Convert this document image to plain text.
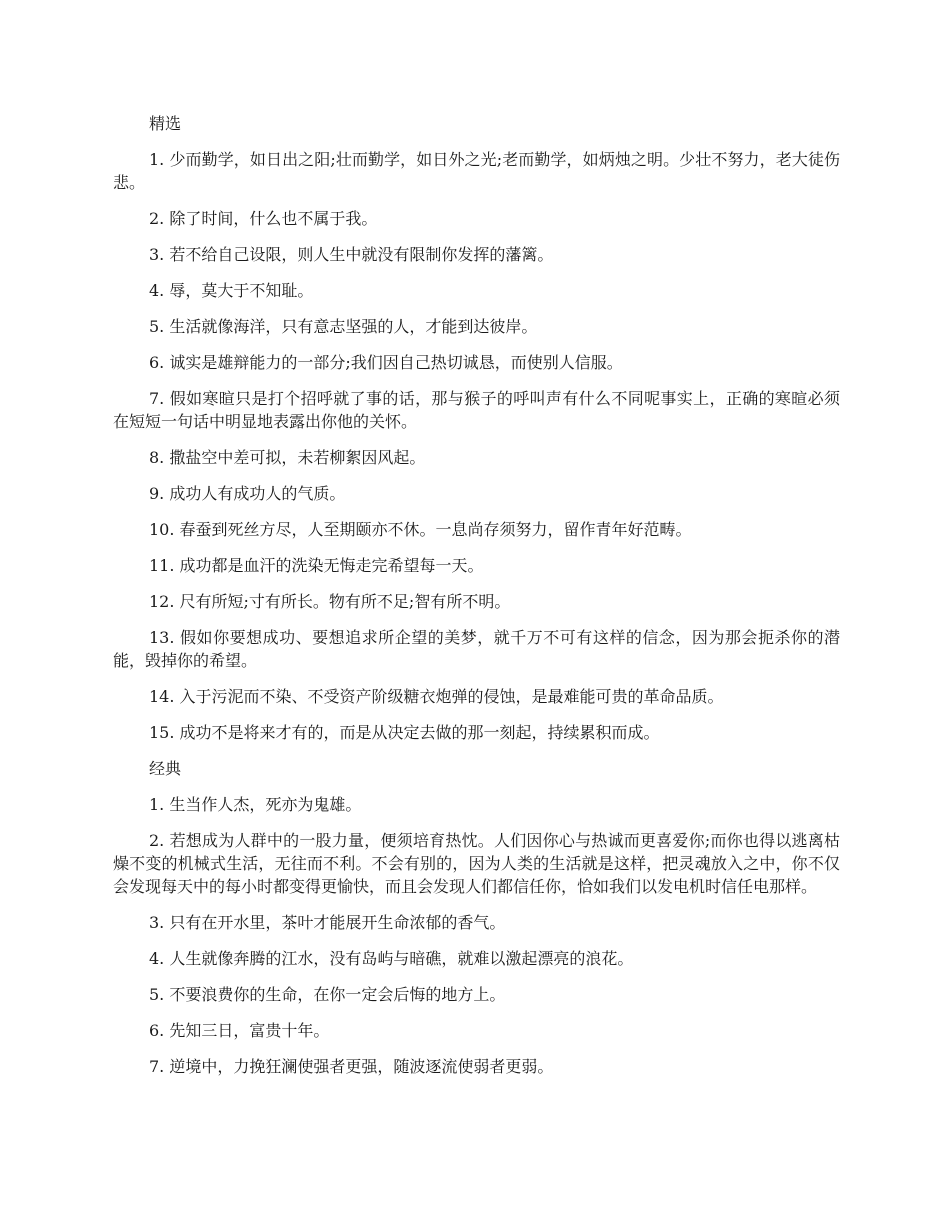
精选

1. 少而勤学，如日出之阳;壮而勤学，如日外之光;老而勤学，如炳烛之明。少壮不努力，老大徒伤悲。

2. 除了时间，什么也不属于我。

3. 若不给自己设限，则人生中就没有限制你发挥的藩篱。

4. 辱，莫大于不知耻。

5. 生活就像海洋，只有意志坚强的人，才能到达彼岸。

6. 诚实是雄辩能力的一部分;我们因自己热切诚恳，而使别人信服。

7. 假如寒暄只是打个招呼就了事的话，那与猴子的呼叫声有什么不同呢事实上，正确的寒暄必须在短短一句话中明显地表露出你他的关怀。

8. 撒盐空中差可拟，未若柳絮因风起。

9. 成功人有成功人的气质。

10. 春蚕到死丝方尽，人至期颐亦不休。一息尚存须努力，留作青年好范畴。

11. 成功都是血汗的洗染无悔走完希望每一天。

12. 尺有所短;寸有所长。物有所不足;智有所不明。

13. 假如你要想成功、要想追求所企望的美梦，就千万不可有这样的信念，因为那会扼杀你的潜能，毁掉你的希望。

14. 入于污泥而不染、不受资产阶级糖衣炮弹的侵蚀，是最难能可贵的革命品质。

15. 成功不是将来才有的，而是从决定去做的那一刻起，持续累积而成。

经典

1. 生当作人杰，死亦为鬼雄。

2. 若想成为人群中的一股力量，便须培育热忱。人们因你心与热诚而更喜爱你;而你也得以逃离枯燥不变的机械式生活，无往而不利。不会有别的，因为人类的生活就是这样，把灵魂放入之中，你不仅会发现每天中的每小时都变得更愉快，而且会发现人们都信任你，恰如我们以发电机时信任电那样。

3. 只有在开水里，茶叶才能展开生命浓郁的香气。

4. 人生就像奔腾的江水，没有岛屿与暗礁，就难以激起漂亮的浪花。

5. 不要浪费你的生命，在你一定会后悔的地方上。

6. 先知三日，富贵十年。

7. 逆境中，力挽狂澜使强者更强，随波逐流使弱者更弱。
